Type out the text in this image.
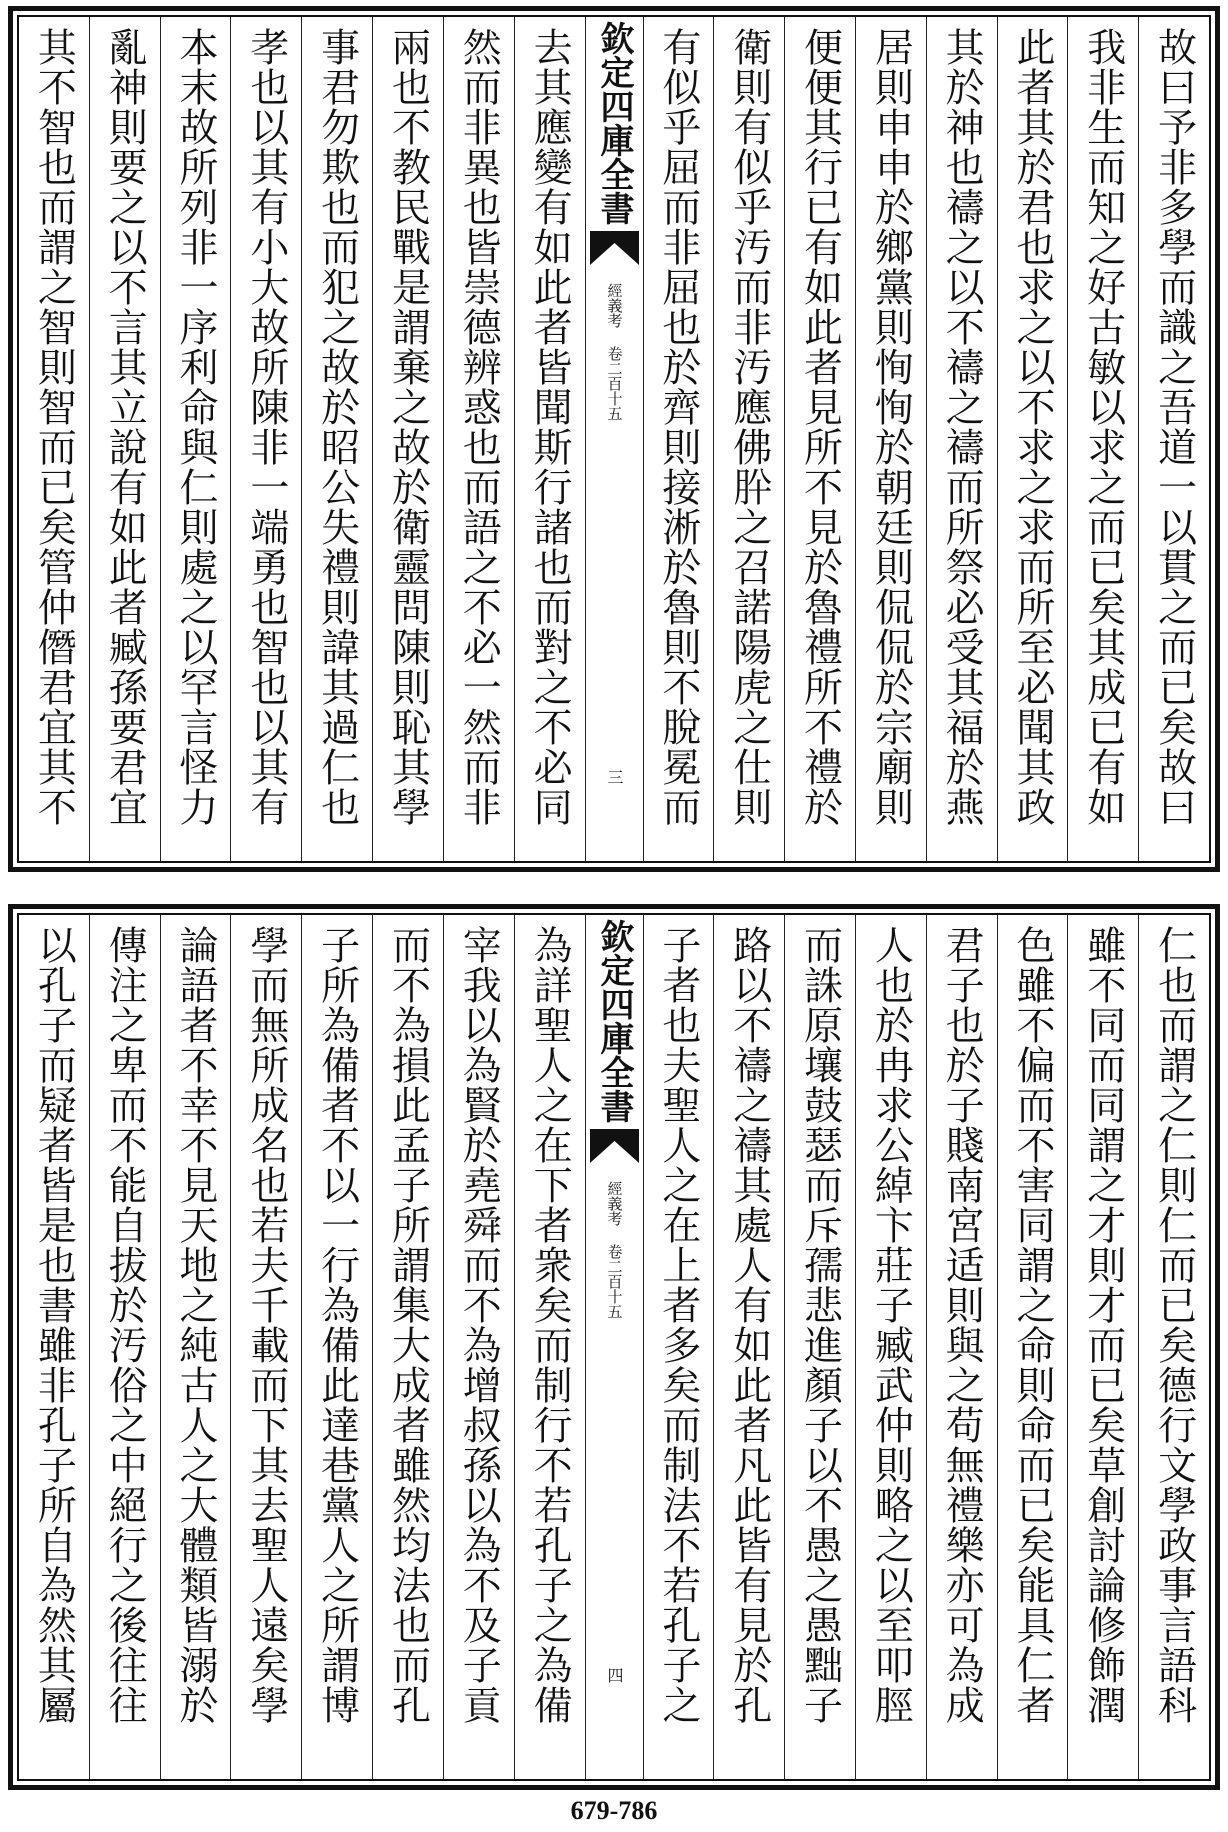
故曰予非多學而識之吾道一以貫之而已矣故曰
我非生而知之好古敏以求之而已矣其成已有如
此者其於君也求之以不求之求而所至必聞其政
其於神也禱之以不禱之禱而所祭必受其福於燕
居則申申於鄉黨則恂恂於朝廷則侃侃於宗廟則
便便其行已有如此者見所不見於魯禮所不禮於
衛則有似乎汚而非汚應佛肸之召諾陽虎之仕則
有似乎屈而非屈也於齊則接淅於魯則不脫冕而
欽定四庫全書
經義考 卷二百十五
三
去其應變有如此者皆聞斯行諸也而對之不必同
然而非異也皆崇德辨惑也而語之不必一然而非
兩也不教民戰是謂棄之故於衛靈問陳則恥其學
事君勿欺也而犯之故於昭公失禮則諱其過仁也
孝也以其有小大故所陳非一端勇也智也以其有
本末故所列非一序利命與仁則處之以罕言怪力
亂神則要之以不言其立說有如此者臧孫要君宜
其不智也而謂之智則智而已矣管仲僭君宜其不
仁也而謂之仁則仁而已矣德行文學政事言語科
雖不同而同謂之才則才而已矣草創討論修飾潤
色雖不偏而不害同謂之命則命而已矣能具仁者
君子也於子賤南宮适則與之苟無禮樂亦可為成
人也於冉求公綽卞莊子臧武仲則略之以至叩脛
而誅原壤鼓瑟而斥孺悲進顏子以不愚之愚黜子
路以不禱之禱其處人有如此者凡此皆有見於孔
子者也夫聖人之在上者多矣而制法不若孔子之
欽定四庫全書
經義考 卷二百十五
四
為詳聖人之在下者衆矣而制行不若孔子之為備
宰我以為賢於堯舜而不為增叔孫以為不及子貢
而不為損此孟子所謂集大成者雖然均法也而孔
子所為備者不以一行為備此達巷黨人之所謂博
學而無所成名也若夫千載而下其去聖人遠矣學
論語者不幸不見天地之純古人之大體類皆溺於
傳注之卑而不能自拔於汚俗之中絕行之後往往
以孔子而疑者皆是也書雖非孔子所自為然其屬
679-786
